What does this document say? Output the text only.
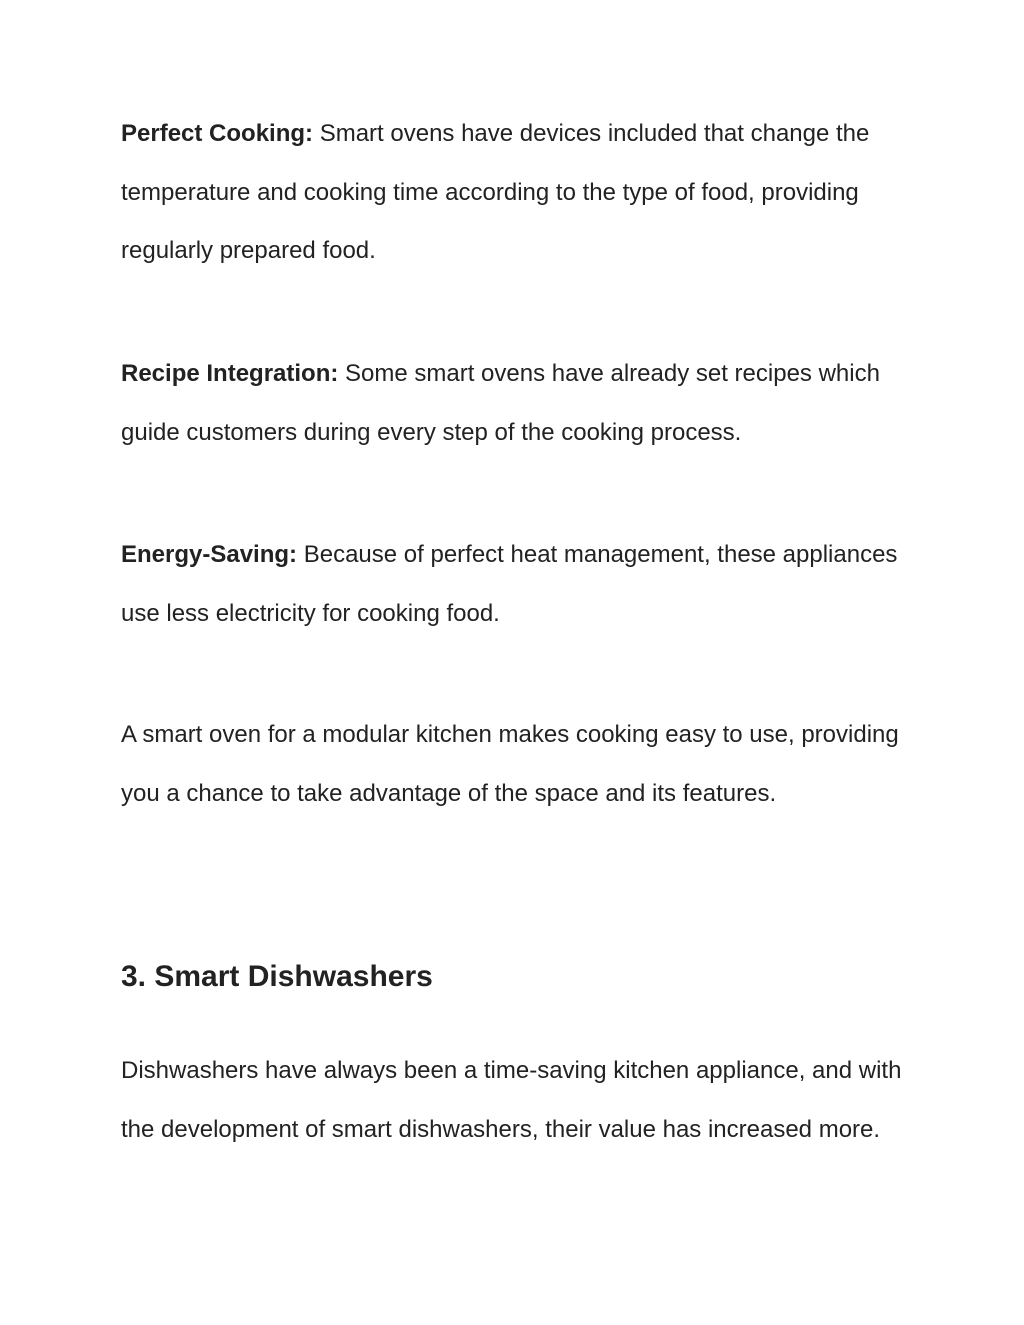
Perfect Cooking: Smart ovens have devices included that change the temperature and cooking time according to the type of food, providing regularly prepared food.

Recipe Integration: Some smart ovens have already set recipes which guide customers during every step of the cooking process.

Energy-Saving: Because of perfect heat management, these appliances use less electricity for cooking food.

A smart oven for a modular kitchen makes cooking easy to use, providing you a chance to take advantage of the space and its features.

3. Smart Dishwashers

Dishwashers have always been a time-saving kitchen appliance, and with the development of smart dishwashers, their value has increased more.
